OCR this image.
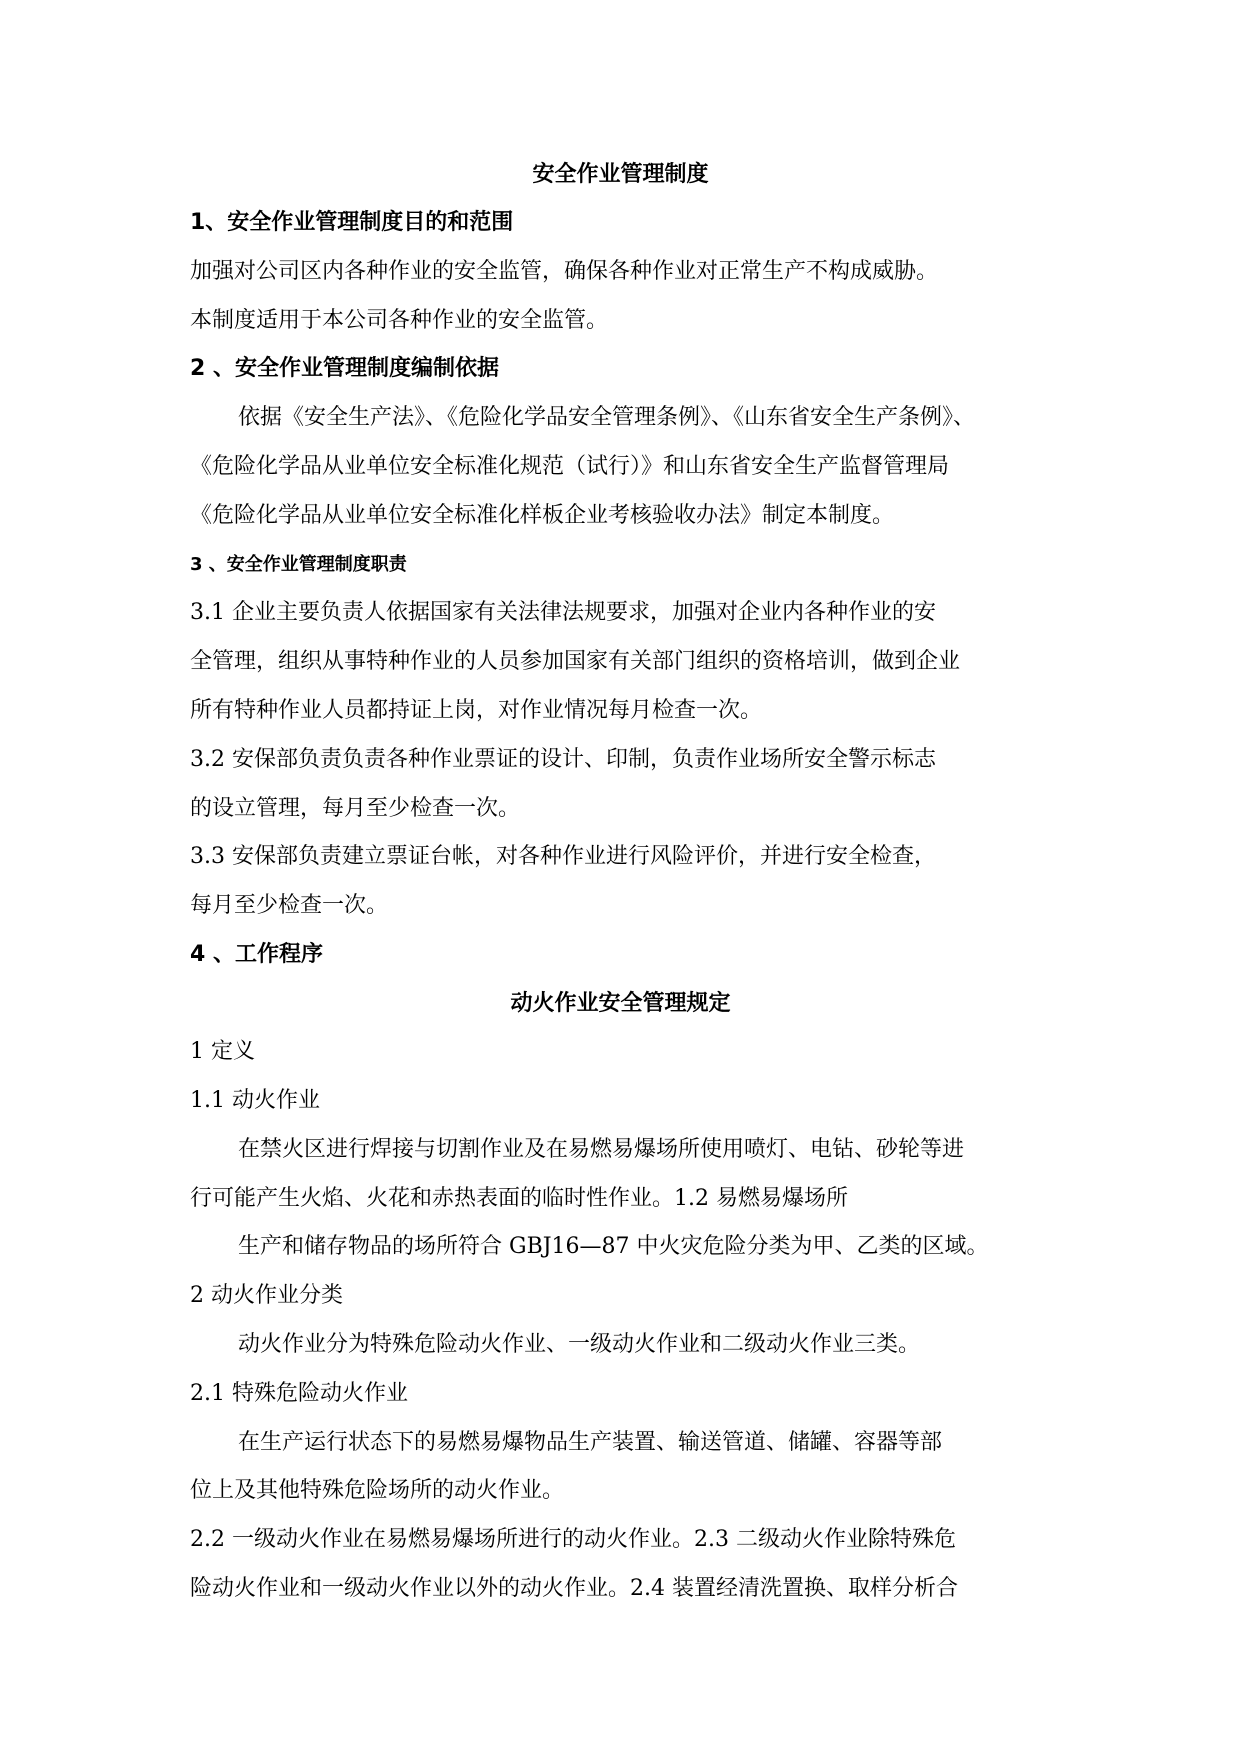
安全作业管理制度
1、安全作业管理制度目的和范围
加强对公司区内各种作业的安全监管，确保各种作业对正常生产不构成威胁。
本制度适用于本公司各种作业的安全监管。
2 、安全作业管理制度编制依据
依据《安全生产法》、《危险化学品安全管理条例》、《山东省安全生产条例》、
《危险化学品从业单位安全标准化规范（试行）》和山东省安全生产监督管理局
《危险化学品从业单位安全标准化样板企业考核验收办法》制定本制度。
3 、安全作业管理制度职责
3.1 企业主要负责人依据国家有关法律法规要求，加强对企业内各种作业的安
全管理，组织从事特种作业的人员参加国家有关部门组织的资格培训，做到企业
所有特种作业人员都持证上岗，对作业情况每月检查一次。
3.2 安保部负责负责各种作业票证的设计、印制，负责作业场所安全警示标志
的设立管理，每月至少检查一次。
3.3 安保部负责建立票证台帐，对各种作业进行风险评价，并进行安全检查，
每月至少检查一次。
4 、工作程序
动火作业安全管理规定
1 定义
1.1 动火作业
在禁火区进行焊接与切割作业及在易燃易爆场所使用喷灯、电钻、砂轮等进
行可能产生火焰、火花和赤热表面的临时性作业。1.2 易燃易爆场所
生产和储存物品的场所符合 GBJ16—87 中火灾危险分类为甲、乙类的区域。
2 动火作业分类
动火作业分为特殊危险动火作业、一级动火作业和二级动火作业三类。
2.1 特殊危险动火作业
在生产运行状态下的易燃易爆物品生产装置、输送管道、储罐、容器等部
位上及其他特殊危险场所的动火作业。
2.2 一级动火作业在易燃易爆场所进行的动火作业。2.3 二级动火作业除特殊危
险动火作业和一级动火作业以外的动火作业。2.4 装置经清洗置换、取样分析合
